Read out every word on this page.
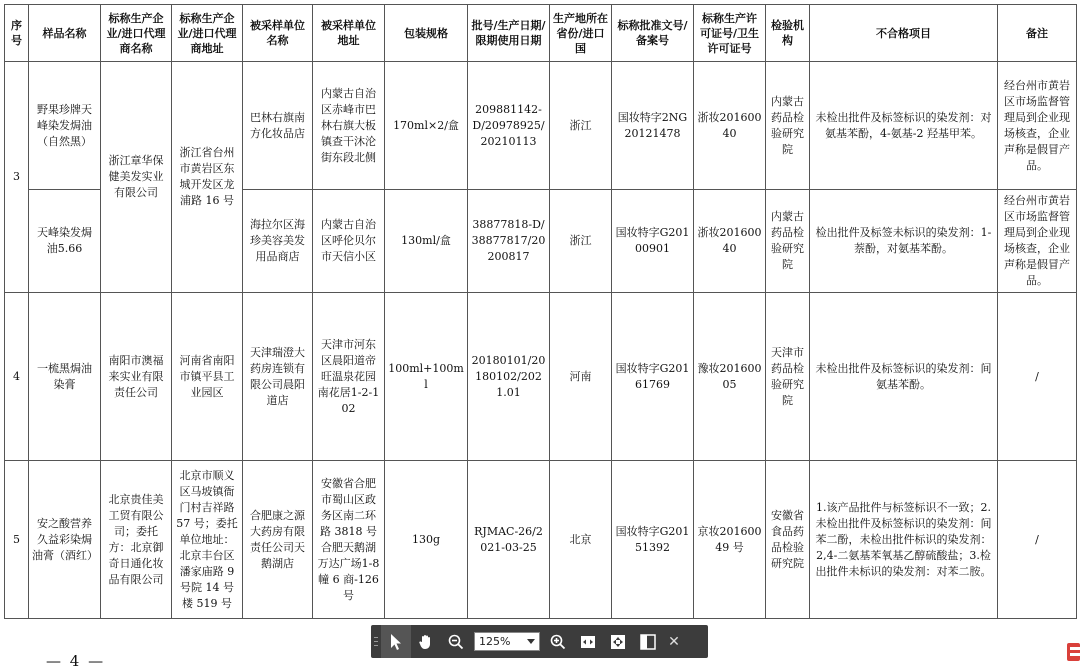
序号	样品名称	标称生产企业/进口代理商名称	标称生产企业/进口代理商地址	被采样单位名称	被采样单位地址	包装规格	批号/生产日期/限期使用日期	生产地所在省份/进口国	标称批准文号/备案号	标称生产许可证号/卫生许可证号	检验机构	不合格项目	备注
3	野果珍牌天峰染发焗油（自然黑）	浙江章华保健美发实业有限公司	浙江省台州市黄岩区东城开发区龙浦路 16 号	巴林右旗南方化妆品店	内蒙古自治区赤峰市巴林右旗大板镇查干沐沦街东段北侧	170ml×2/盒	209881142-D/20978925/20210113	浙江	国妆特字2NG20121478	浙妆20160040	内蒙古药品检验研究院	未检出批件及标签标识的染发剂：对氨基苯酚，4-氨基-2 羟基甲苯。	经台州市黄岩区市场监督管理局到企业现场核查，企业声称是假冒产品。
	天峰染发焗油5.66			海拉尔区海珍美容美发用品商店	内蒙古自治区呼伦贝尔市天信小区	130ml/盒	38877818-D/38877817/20200817	浙江	国妆特字G20100901	浙妆20160040	内蒙古药品检验研究院	检出批件及标签未标识的染发剂：1-萘酚，对氨基苯酚。	经台州市黄岩区市场监督管理局到企业现场核查，企业声称是假冒产品。
4	一梳黑焗油染膏	南阳市澳福来实业有限责任公司	河南省南阳市镇平县工业园区	天津瑞澄大药房连锁有限公司晨阳道店	天津市河东区晨阳道帝旺温泉花园南花居1-2-102	100ml+100ml	20180101/20180102/2021.01	河南	国妆特字G20161769	豫妆20160005	天津市药品检验研究院	未检出批件及标签标识的染发剂：间氨基苯酚。	/
5	安之酸营养久益彩染焗油膏（酒红）	北京贵佳美工贸有限公司；委托方：北京御奇日通化妆品有限公司	北京市顺义区马坡镇衙门村吉祥路 57 号；委托单位地址：北京丰台区潘家庙路 9 号院 14 号楼 519 号	合肥康之源大药房有限责任公司天鹅湖店	安徽省合肥市蜀山区政务区南二环路 3818 号合肥天鹅湖万达广场1-8 幢 6 商-126 号	130g	RJMAC-26/2021-03-25	北京	国妆特字G20151392	京妆20160049 号	安徽省食品药品检验研究院	1.该产品批件与标签标识不一致；2.未检出批件及标签标识的染发剂：间苯二酚，未检出批件标识的染发剂：2,4-二氨基苯氧基乙醇硫酸盐；3.检出批件未标识的染发剂：对苯二胺。	/
— 4 —
125%	✕
